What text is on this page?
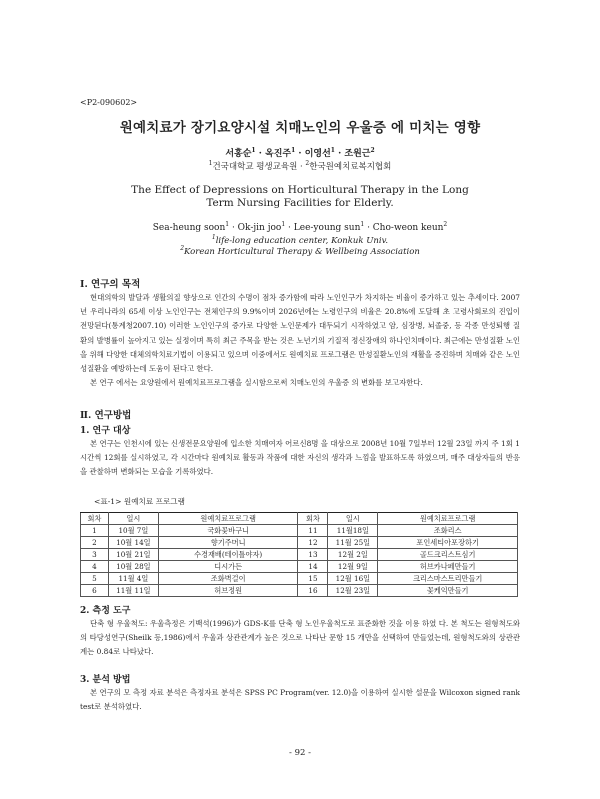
<P2-090602>
원예치료가 장기요양시설 치매노인의 우울증 에 미치는 영향
서홍순$^1$ · 옥진주$^1$ · 이영선$^1$ · 조원근$^2$
$^1$건국대학교 평생교육원 · $^2$한국원예치료복지협회
The Effect of Depressions on Horticultural Therapy in the Long
Term Nursing Facilities for Elderly.
Sea-heung soon$^1$ · Ok-jin joo$^1$ · Lee-young sun$^1$ · Cho-weon keun$^2$
$^1$life-long education center, Konkuk Univ.
$^2$Korean Horticultural Therapy & Wellbeing Association
Ⅰ. 연구의 목적
현대의학의 발달과 생활의질 향상으로 인간의 수명이 점차 증가함에 따라 노인인구가 차지하는 비율이 증가하고 있는 추세이다. 2007년 우리나라의 65세 이상 노인인구는 전체인구의 9.9%이며 2026년에는 노령인구의 비율은 20.8%에 도달해 초 고령사회로의 진입이 전망된다(통계청2007.10) 이러한 노인인구의 증가로 다양한 노인문제가 대두되기 시작하였고 암, 심장병, 뇌졸중, 등 각종 만성퇴행 질환의 발병률이 높아지고 있는 실정이며 특히 최근 주목을 받는 것은 노년기의 기질적 정신장애의 하나인치매이다. 최근에는 만성질환 노인을 위해 다양한 대체의학치료기법이 이용되고 있으며 이중에서도 원예치료 프로그램은 만성질환노인의 재활을 증진하며 치매와 같은 노인성질환을 예방하는데 도움이 된다고 한다.
본 연구 에서는 요양원에서 원예치료프로그램을 실시함으로써 치매노인의 우울증 의 변화를 보고자한다.
Ⅱ. 연구방법
1. 연구 대상
본 연구는 인천시에 있는 신생전문요양원에 입소한 치매여자 어르신8명 을 대상으로 2008년 10월 7일부터 12월 23일 까지 주 1회 1시간씩 12회를 실시하였고, 각 시간마다 원예치료 활동과 작품에 대한 자신의 생각과 느낌을 발표하도록 하였으며, 매주 대상자들의 반응을 관찰하며 변화되는 모습을 기록하였다.
<표-1> 원예치료 프로그램
회차	일시	원예치료프로그램	회차	일시	원예치료프로그램
1	10월 7일	국화꽃바구니	11	11월18일	조화리스
2	10월 14일	향기주머니	12	11월 25일	포인세티아포장하기
3	10월 21일	수경재배(테이틀야자)	13	12월 2일	골드크리스트심기
4	10월 28일	디시가든	14	12월 9일	허브카나페만들기
5	11월 4일	조화벽걸이	15	12월 16일	크리스마스트리만들기
6	11월 11일	허브정원	16	12월 23일	꽃케익만들기
2. 측정 도구
단축 형 우울척도: 우울측정은 기백석(1996)가 GDS-K를 단축 형 노인우울척도로 표준화한 것을 이용 하였 다. 본 척도는 원형척도와의 타당성연구(Sheilk 등,1986)에서 우울과 상관관계가 높은 것으로 나타난 문항 15 개만을 선택하여 만들었는데, 원형척도와의 상관관계는 0.84로 나타났다.
3. 분석 방법
본 연구의 모 측정 자료 분석은 측정자료 분석은 SPSS PC Program(ver. 12.0)을 이용하여 실시한 설문을 Wilcoxon signed rank test로 분석하였다.
- 92 -
